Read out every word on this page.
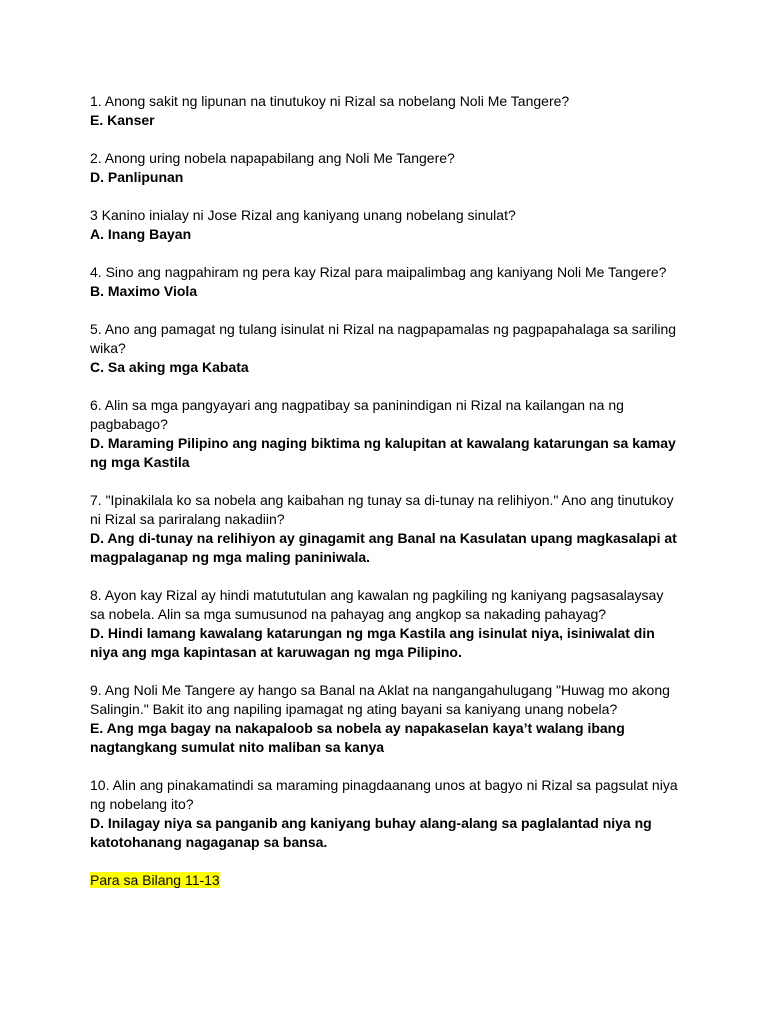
1. Anong sakit ng lipunan na tinutukoy ni Rizal sa nobelang Noli Me Tangere?

E. Kanser

2. Anong uring nobela napapabilang ang Noli Me Tangere?

D. Panlipunan

3 Kanino inialay ni Jose Rizal ang kaniyang unang nobelang sinulat?

A. Inang Bayan

4. Sino ang nagpahiram ng pera kay Rizal para maipalimbag ang kaniyang Noli Me Tangere?

B. Maximo Viola

5. Ano ang pamagat ng tulang isinulat ni Rizal na nagpapamalas ng pagpapahalaga sa sariling wika?

C. Sa aking mga Kabata

6. Alin sa mga pangyayari ang nagpatibay sa paninindigan ni Rizal na kailangan na ng pagbabago?

D. Maraming Pilipino ang naging biktima ng kalupitan at kawalang katarungan sa kamay ng mga Kastila

7. "Ipinakilala ko sa nobela ang kaibahan ng tunay sa di-tunay na relihiyon." Ano ang tinutukoy ni Rizal sa pariralang nakadiin?

D. Ang di-tunay na relihiyon ay ginagamit ang Banal na Kasulatan upang magkasalapi at magpalaganap ng mga maling paniniwala.

8. Ayon kay Rizal ay hindi matututulan ang kawalan ng pagkiling ng kaniyang pagsasalaysay sa nobela. Alin sa mga sumusunod na pahayag ang angkop sa nakading pahayag?

D. Hindi lamang kawalang katarungan ng mga Kastila ang isinulat niya, isiniwalat din niya ang mga kapintasan at karuwagan ng mga Pilipino.

9. Ang Noli Me Tangere ay hango sa Banal na Aklat na nangangahulugang "Huwag mo akong Salingin." Bakit ito ang napiling ipamagat ng ating bayani sa kaniyang unang nobela?

E. Ang mga bagay na nakapaloob sa nobela ay napakaselan kaya’t walang ibang nagtangkang sumulat nito maliban sa kanya

10. Alin ang pinakamatindi sa maraming pinagdaanang unos at bagyo ni Rizal sa pagsulat niya ng nobelang ito?

D. Inilagay niya sa panganib ang kaniyang buhay alang-alang sa paglalantad niya ng katotohanang nagaganap sa bansa.

Para sa Bilang 11-13
